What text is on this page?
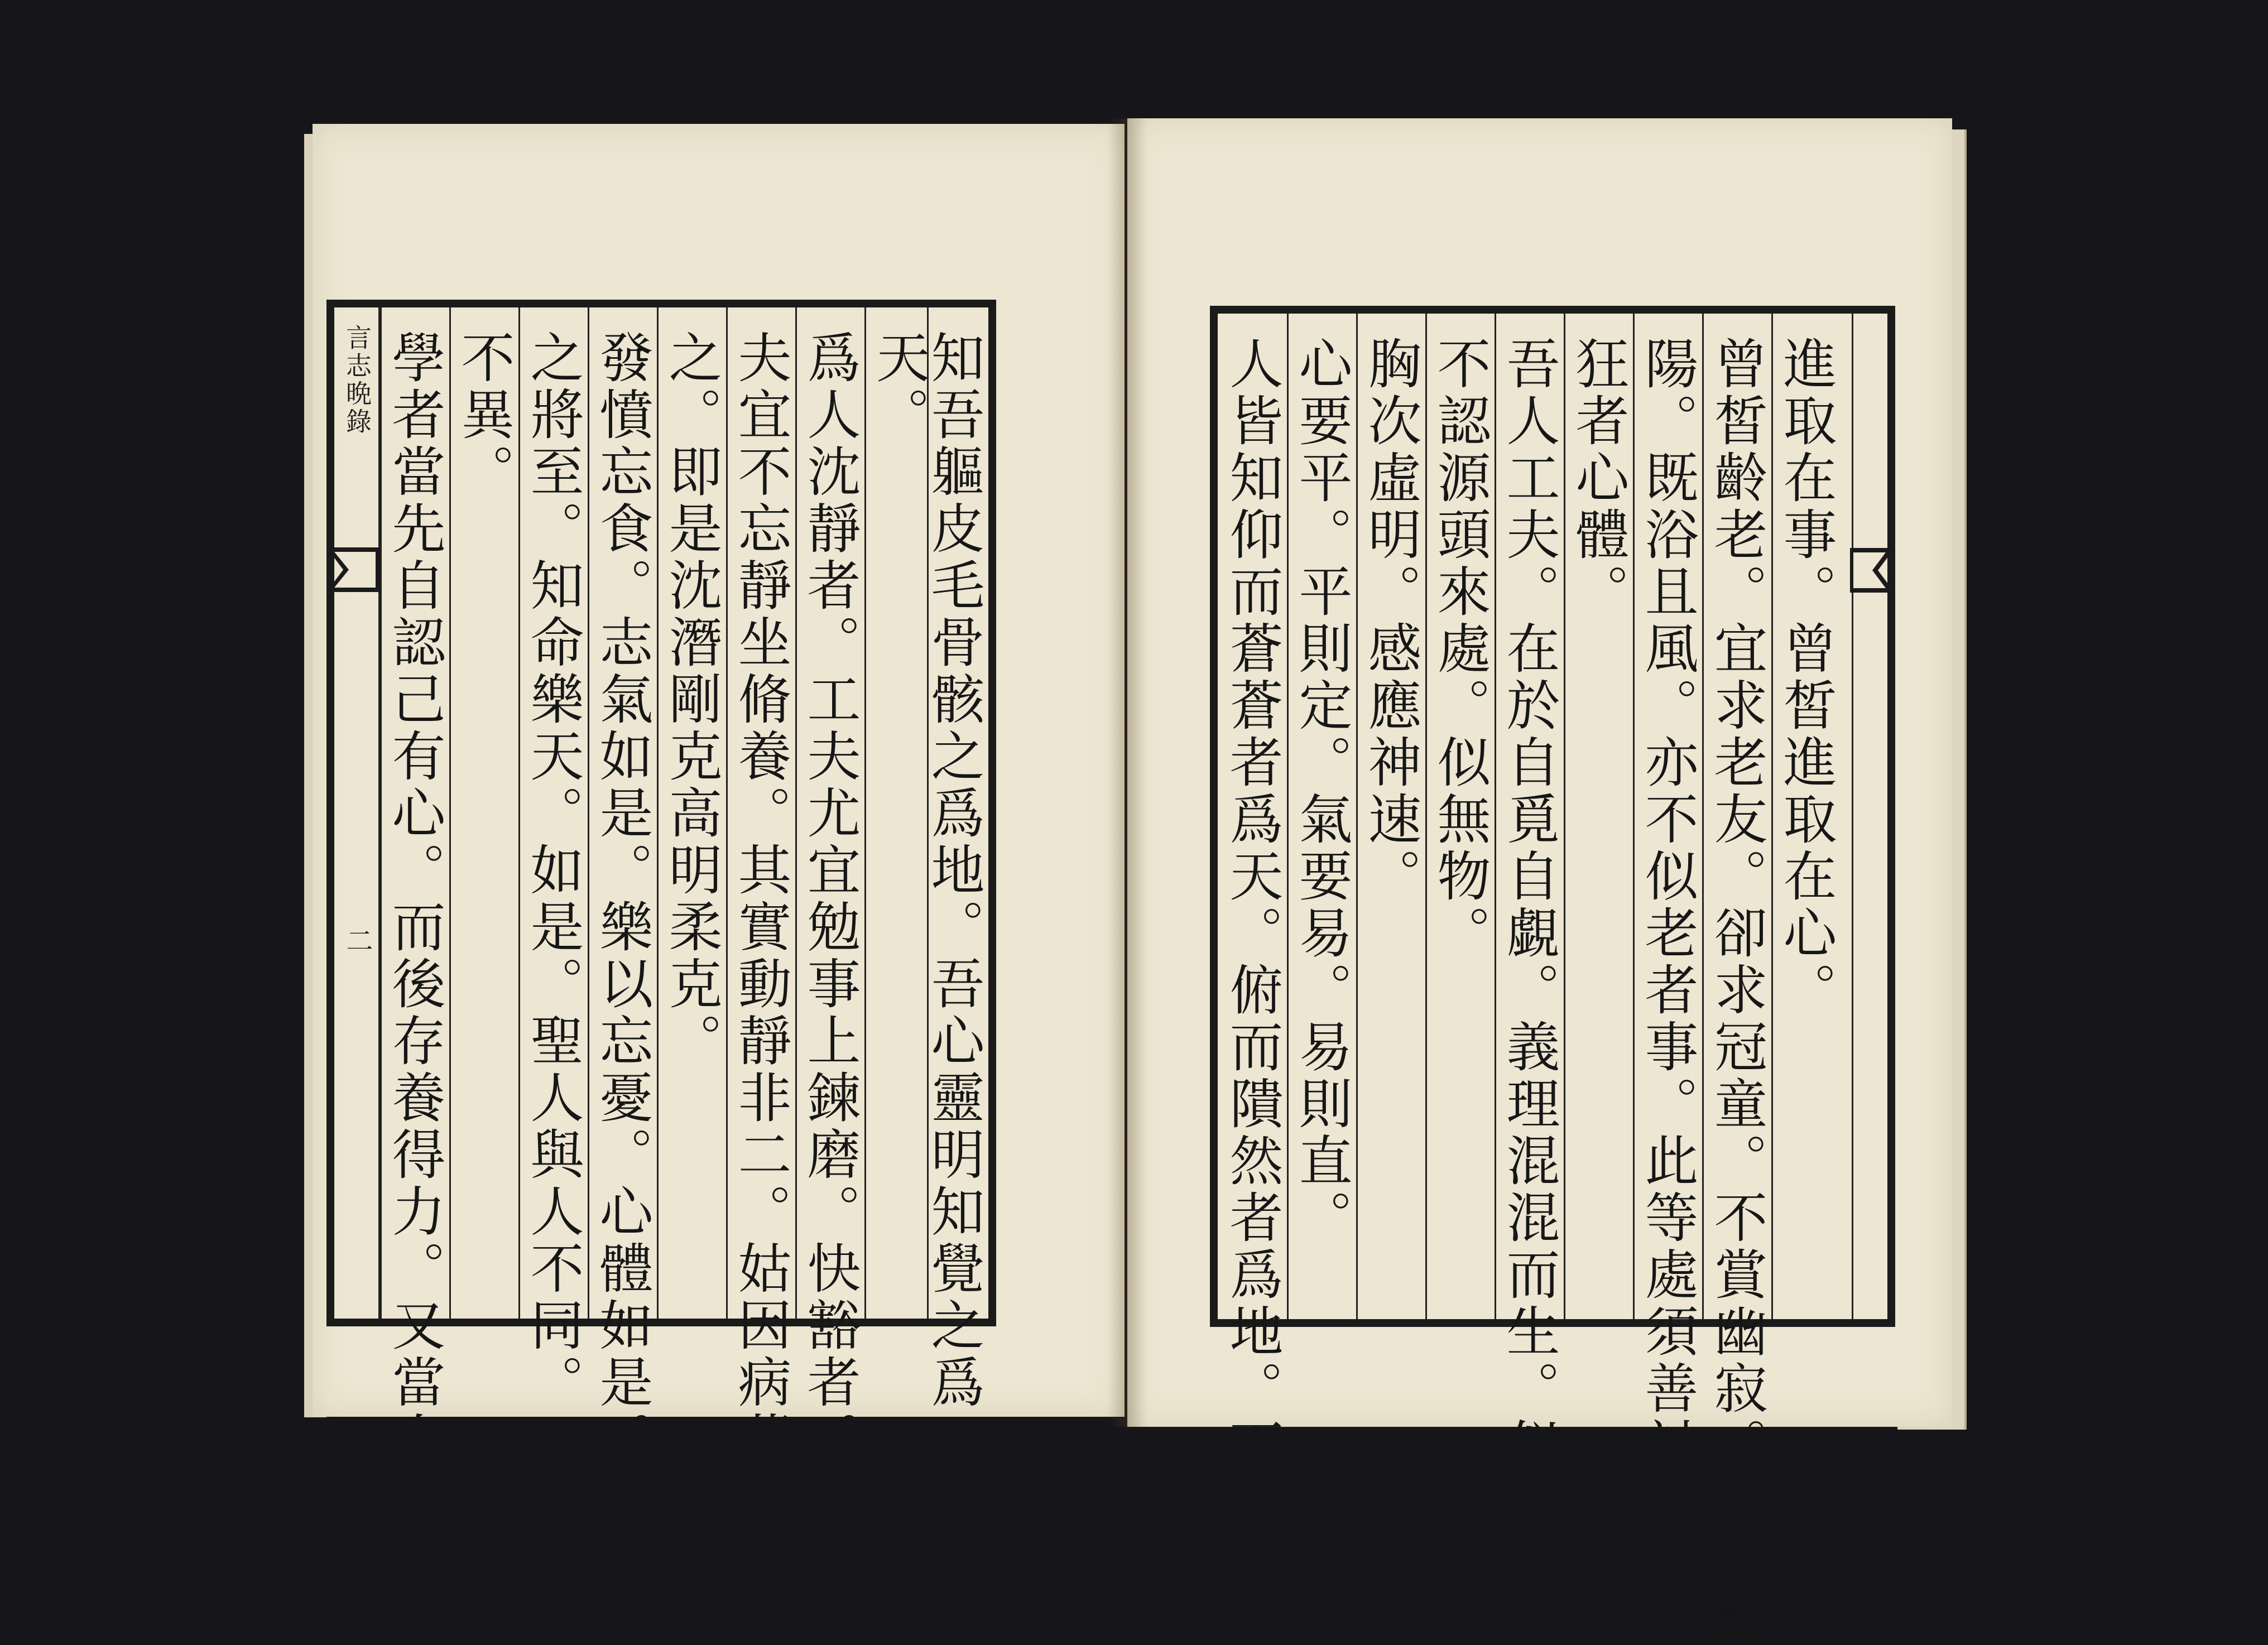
言志晩錄
二 學者當先自認己有心。而後存養得力。又當自認 不異。 之將至。知命樂天。如是。聖人與人不同。又與人 發憤忘食。志氣如是。樂以忘憂。心體如是。不知老 之。即是沈潛剛克高明柔克。 夫宜不忘靜坐脩養。其實動靜非二。姑因病藥 爲人沈靜者。工夫尤宜勉事上鍊磨。快豁者。則工 天。
知吾軀皮毛骨骸之爲地。吾心靈明知覺之爲	人皆知仰而蒼蒼者爲天。俯而隤然者爲地。而不 心要平。平則定。氣要易。易則直。 胸次虛明。感應神速。 不認源頭來處。似無物。 吾人工夫。在於自覓自覷。義理混混而生。似有物。 狂者心體。 陽。既浴且風。亦不似老者事。此等處須善討出 曾皙齡老。宜求老友。卻求冠童。不賞幽寂。卻賞豔 進取在事。曾皙進取在心。
